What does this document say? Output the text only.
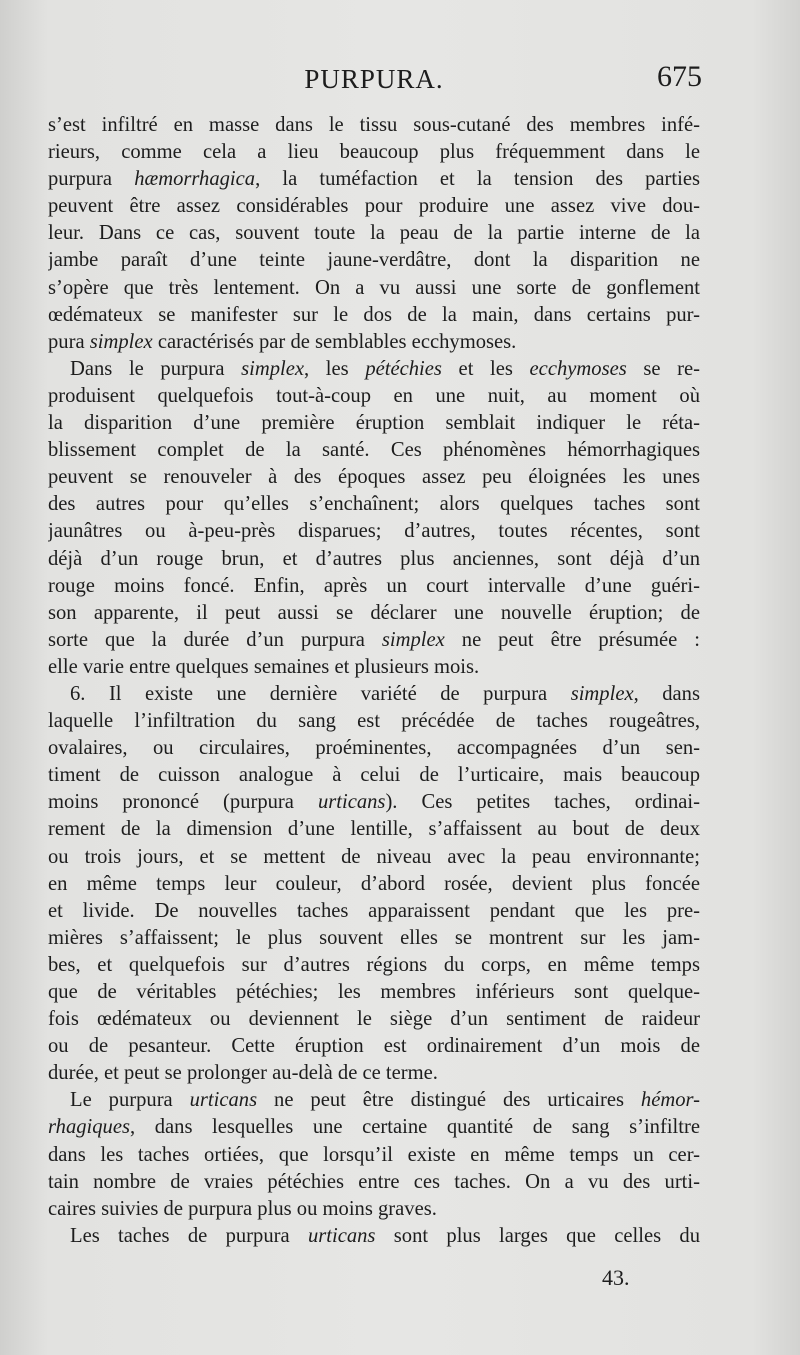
PURPURA.	675
s’est infiltré en masse dans le tissu sous-cutané des membres infé-
rieurs, comme cela a lieu beaucoup plus fréquemment dans le
purpura hæmorrhagica, la tuméfaction et la tension des parties
peuvent être assez considérables pour produire une assez vive dou-
leur. Dans ce cas, souvent toute la peau de la partie interne de la
jambe paraît d’une teinte jaune-verdâtre, dont la disparition ne
s’opère que très lentement. On a vu aussi une sorte de gonflement
œdémateux se manifester sur le dos de la main, dans certains pur-
pura simplex caractérisés par de semblables ecchymoses.
Dans le purpura simplex, les pétéchies et les ecchymoses se re-
produisent quelquefois tout-à-coup en une nuit, au moment où
la disparition d’une première éruption semblait indiquer le réta-
blissement complet de la santé. Ces phénomènes hémorrhagiques
peuvent se renouveler à des époques assez peu éloignées les unes
des autres pour qu’elles s’enchaînent; alors quelques taches sont
jaunâtres ou à-peu-près disparues; d’autres, toutes récentes, sont
déjà d’un rouge brun, et d’autres plus anciennes, sont déjà d’un
rouge moins foncé. Enfin, après un court intervalle d’une guéri-
son apparente, il peut aussi se déclarer une nouvelle éruption; de
sorte que la durée d’un purpura simplex ne peut être présumée :
elle varie entre quelques semaines et plusieurs mois.
6. Il existe une dernière variété de purpura simplex, dans
laquelle l’infiltration du sang est précédée de taches rougeâtres,
ovalaires, ou circulaires, proéminentes, accompagnées d’un sen-
timent de cuisson analogue à celui de l’urticaire, mais beaucoup
moins prononcé (purpura urticans). Ces petites taches, ordinai-
rement de la dimension d’une lentille, s’affaissent au bout de deux
ou trois jours, et se mettent de niveau avec la peau environnante;
en même temps leur couleur, d’abord rosée, devient plus foncée
et livide. De nouvelles taches apparaissent pendant que les pre-
mières s’affaissent; le plus souvent elles se montrent sur les jam-
bes, et quelquefois sur d’autres régions du corps, en même temps
que de véritables pétéchies; les membres inférieurs sont quelque-
fois œdémateux ou deviennent le siège d’un sentiment de raideur
ou de pesanteur. Cette éruption est ordinairement d’un mois de
durée, et peut se prolonger au-delà de ce terme.
Le purpura urticans ne peut être distingué des urticaires hémor-
rhagiques, dans lesquelles une certaine quantité de sang s’infiltre
dans les taches ortiées, que lorsqu’il existe en même temps un cer-
tain nombre de vraies pétéchies entre ces taches. On a vu des urti-
caires suivies de purpura plus ou moins graves.
Les taches de purpura urticans sont plus larges que celles du
43.
